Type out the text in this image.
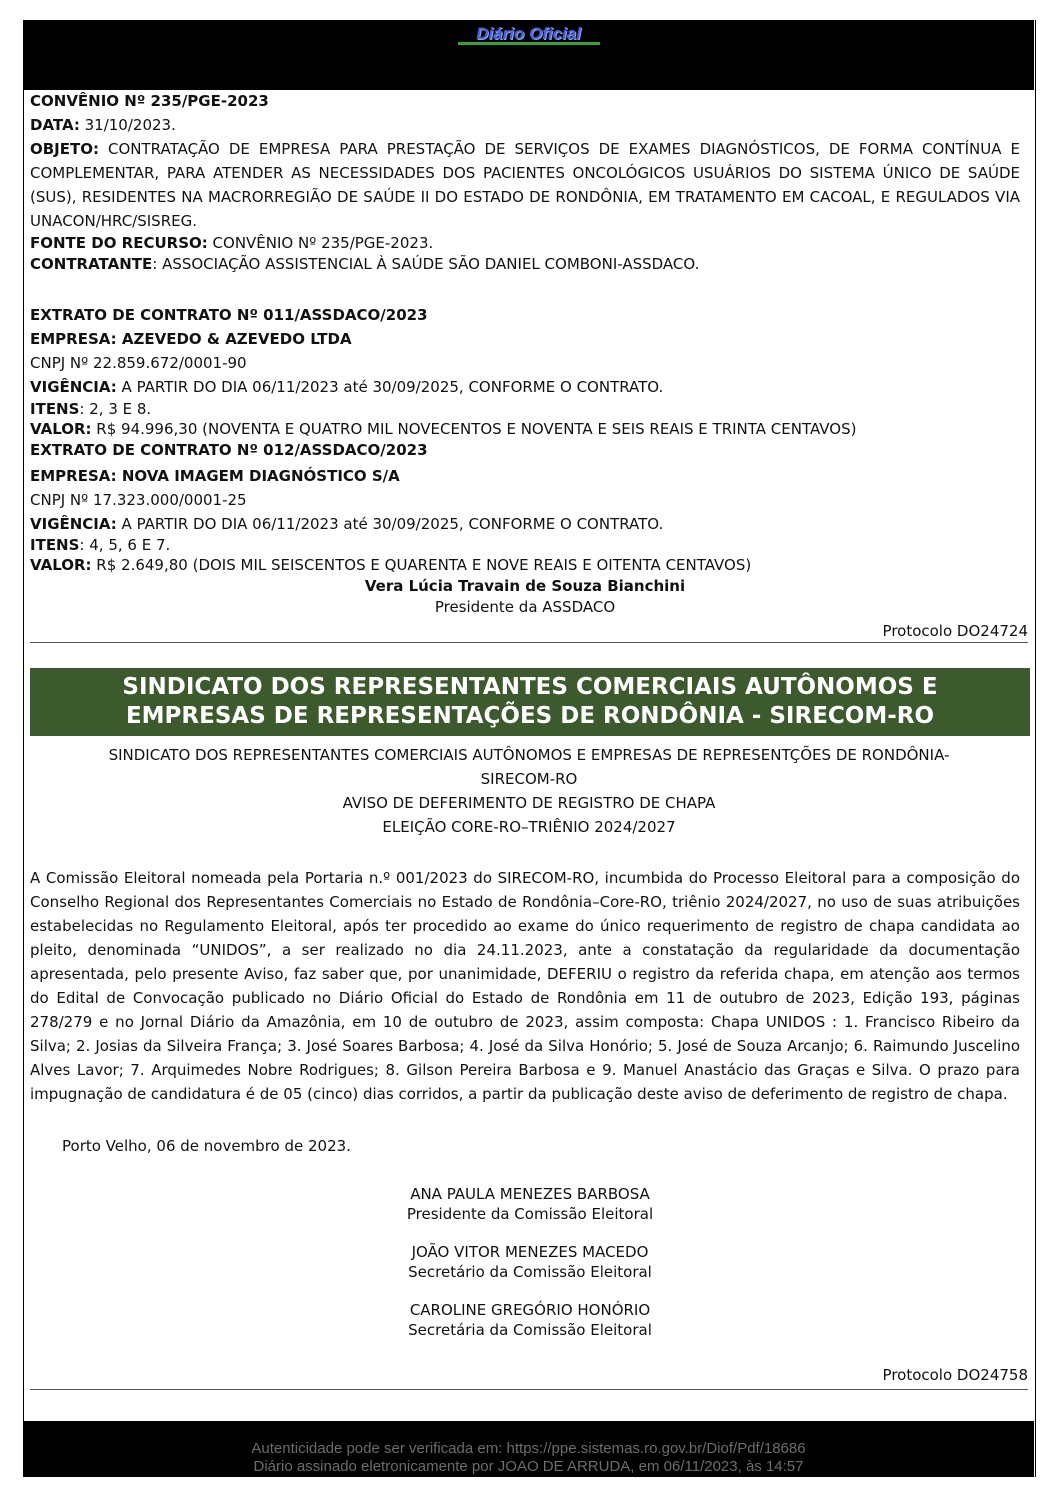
Diário Oficial
CONVÊNIO Nº 235/PGE-2023
DATA: 31/10/2023.
OBJETO: CONTRATAÇÃO DE EMPRESA PARA PRESTAÇÃO DE SERVIÇOS DE EXAMES DIAGNÓSTICOS, DE FORMA CONTÍNUA E COMPLEMENTAR, PARA ATENDER AS NECESSIDADES DOS PACIENTES ONCOLÓGICOS USUÁRIOS DO SISTEMA ÚNICO DE SAÚDE (SUS), RESIDENTES NA MACRORREGIÃO DE SAÚDE II DO ESTADO DE RONDÔNIA, EM TRATAMENTO EM CACOAL, E REGULADOS VIA UNACON/HRC/SISREG.
FONTE DO RECURSO: CONVÊNIO Nº 235/PGE-2023.
CONTRATANTE: ASSOCIAÇÃO ASSISTENCIAL À SAÚDE SÃO DANIEL COMBONI-ASSDACO.
EXTRATO DE CONTRATO Nº 011/ASSDACO/2023
EMPRESA: AZEVEDO & AZEVEDO LTDA
CNPJ Nº 22.859.672/0001-90
VIGÊNCIA: A PARTIR DO DIA 06/11/2023 até 30/09/2025, CONFORME O CONTRATO.
ITENS: 2, 3 E 8.
VALOR: R$ 94.996,30 (NOVENTA E QUATRO MIL NOVECENTOS E NOVENTA E SEIS REAIS E TRINTA CENTAVOS)
EXTRATO DE CONTRATO Nº 012/ASSDACO/2023
EMPRESA: NOVA IMAGEM DIAGNÓSTICO S/A
CNPJ Nº 17.323.000/0001-25
VIGÊNCIA: A PARTIR DO DIA 06/11/2023 até 30/09/2025, CONFORME O CONTRATO.
ITENS: 4, 5, 6 E 7.
VALOR: R$ 2.649,80 (DOIS MIL SEISCENTOS E QUARENTA E NOVE REAIS E OITENTA CENTAVOS)
Vera Lúcia Travain de Souza Bianchini
Presidente da ASSDACO
Protocolo DO24724
SINDICATO DOS REPRESENTANTES COMERCIAIS AUTÔNOMOS E
EMPRESAS DE REPRESENTAÇÕES DE RONDÔNIA - SIRECOM-RO
SINDICATO DOS REPRESENTANTES COMERCIAIS AUTÔNOMOS E EMPRESAS DE REPRESENTÇÕES DE RONDÔNIA-
SIRECOM-RO
AVISO DE DEFERIMENTO DE REGISTRO DE CHAPA
ELEIÇÃO CORE-RO–TRIÊNIO 2024/2027
A Comissão Eleitoral nomeada pela Portaria n.º 001/2023 do SIRECOM-RO, incumbida do Processo Eleitoral para a composição do Conselho Regional dos Representantes Comerciais no Estado de Rondônia–Core-RO, triênio 2024/2027, no uso de suas atribuições estabelecidas no Regulamento Eleitoral, após ter procedido ao exame do único requerimento de registro de chapa candidata ao pleito, denominada “UNIDOS”, a ser realizado no dia 24.11.2023, ante a constatação da regularidade da documentação apresentada, pelo presente Aviso, faz saber que, por unanimidade, DEFERIU o registro da referida chapa, em atenção aos termos do Edital de Convocação publicado no Diário Oficial do Estado de Rondônia em 11 de outubro de 2023, Edição 193, páginas 278/279 e no Jornal Diário da Amazônia, em 10 de outubro de 2023, assim composta: Chapa UNIDOS : 1. Francisco Ribeiro da Silva; 2. Josias da Silveira França; 3. José Soares Barbosa; 4. José da Silva Honório; 5. José de Souza Arcanjo; 6. Raimundo Juscelino Alves Lavor; 7. Arquimedes Nobre Rodrigues; 8. Gilson Pereira Barbosa e 9. Manuel Anastácio das Graças e Silva. O prazo para impugnação de candidatura é de 05 (cinco) dias corridos, a partir da publicação deste aviso de deferimento de registro de chapa.
Porto Velho, 06 de novembro de 2023.
ANA PAULA MENEZES BARBOSA
Presidente da Comissão Eleitoral
JOÃO VITOR MENEZES MACEDO
Secretário da Comissão Eleitoral
CAROLINE GREGÓRIO HONÓRIO
Secretária da Comissão Eleitoral
Protocolo DO24758
Autenticidade pode ser verificada em: https://ppe.sistemas.ro.gov.br/Diof/Pdf/18686
Diário assinado eletronicamente por JOAO DE ARRUDA, em 06/11/2023, às 14:57
